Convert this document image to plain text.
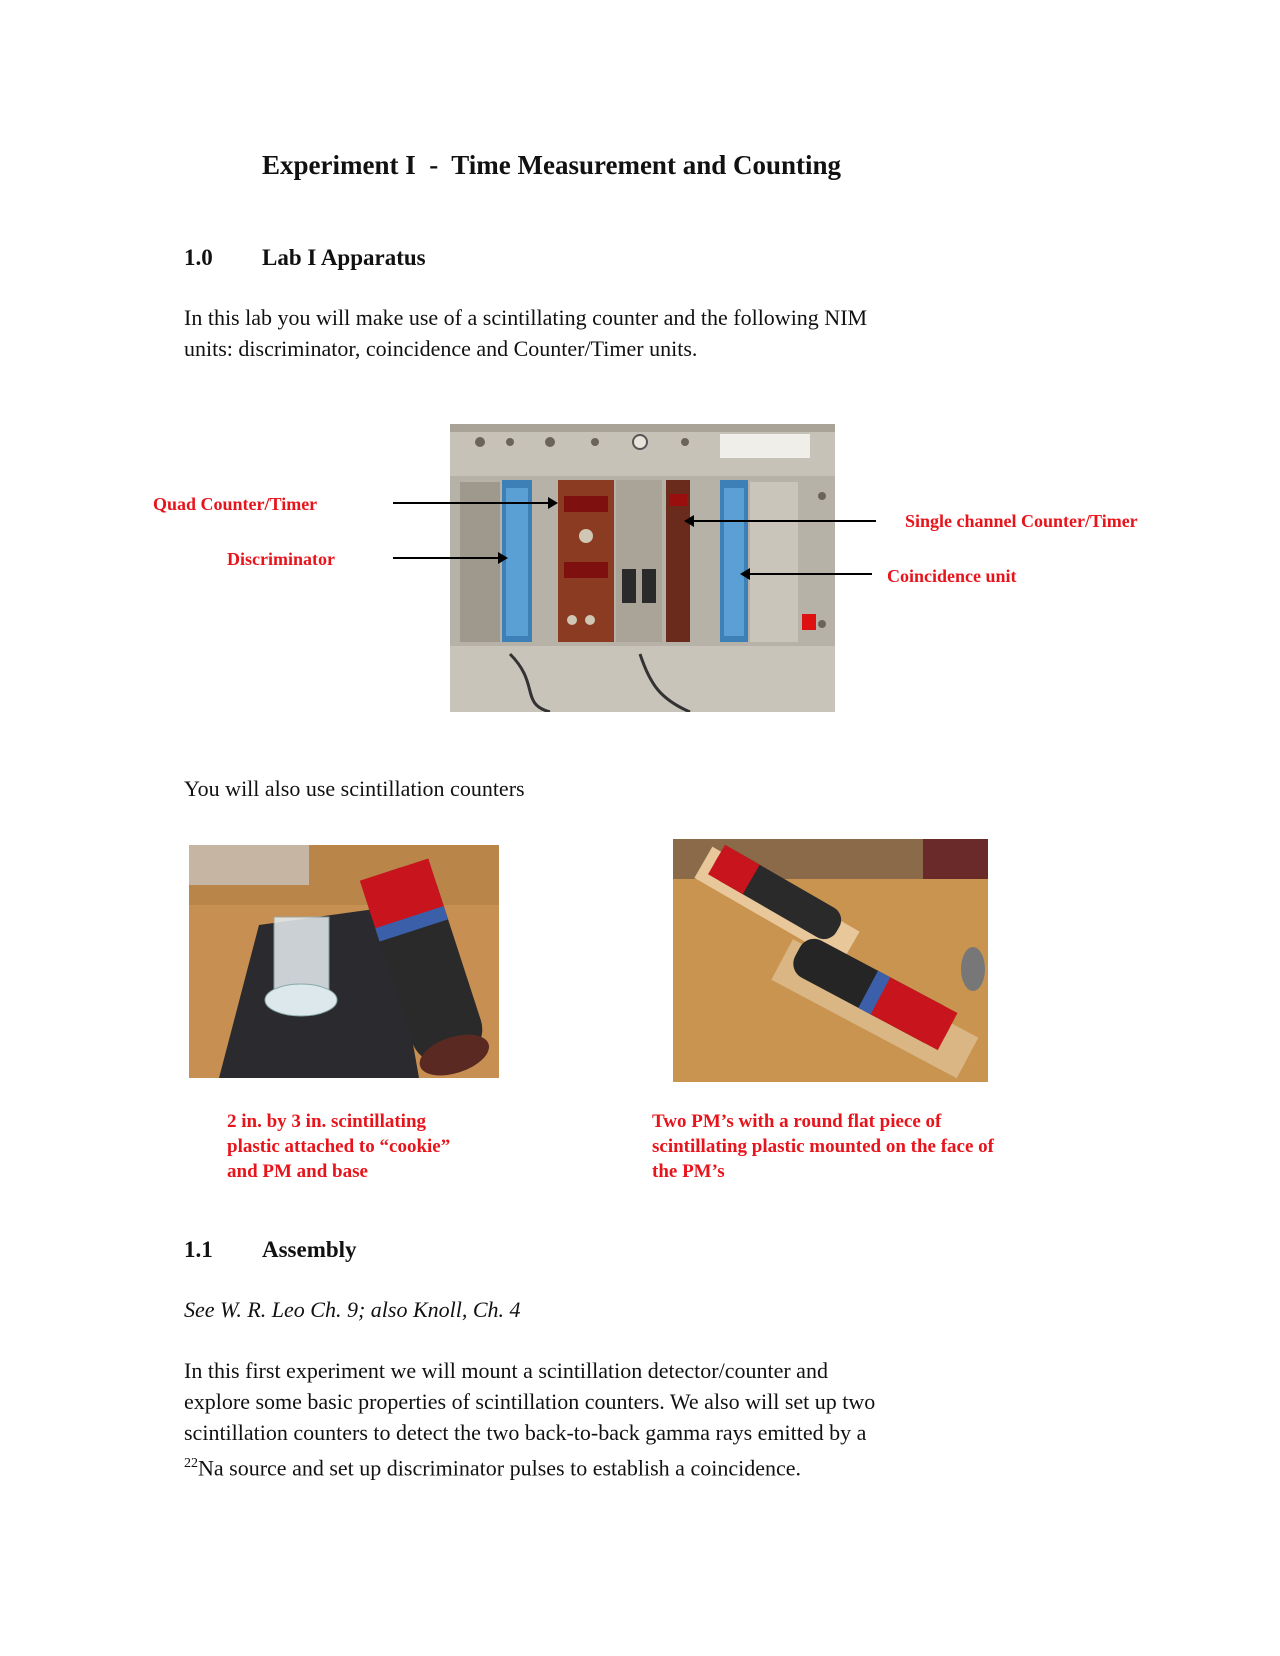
Experiment I  -  Time Measurement and Counting
1.0 Lab I Apparatus
In this lab you will make use of a scintillating counter and the following NIM
units: discriminator, coincidence and Counter/Timer units.
Quad Counter/Timer
Discriminator
Single channel Counter/Timer
Coincidence unit
You will also use scintillation counters
2 in. by 3 in. scintillating
plastic attached to “cookie”
and PM and base
Two PM’s with a round flat piece of
scintillating plastic mounted on the face of
the PM’s
1.1 Assembly
See W. R. Leo Ch. 9; also Knoll, Ch. 4
In this first experiment we will mount a scintillation detector/counter and
explore some basic properties of scintillation counters. We also will set up two
scintillation counters to detect the two back-to-back gamma rays emitted by a
$^{22}$Na source and set up discriminator pulses to establish a coincidence.
